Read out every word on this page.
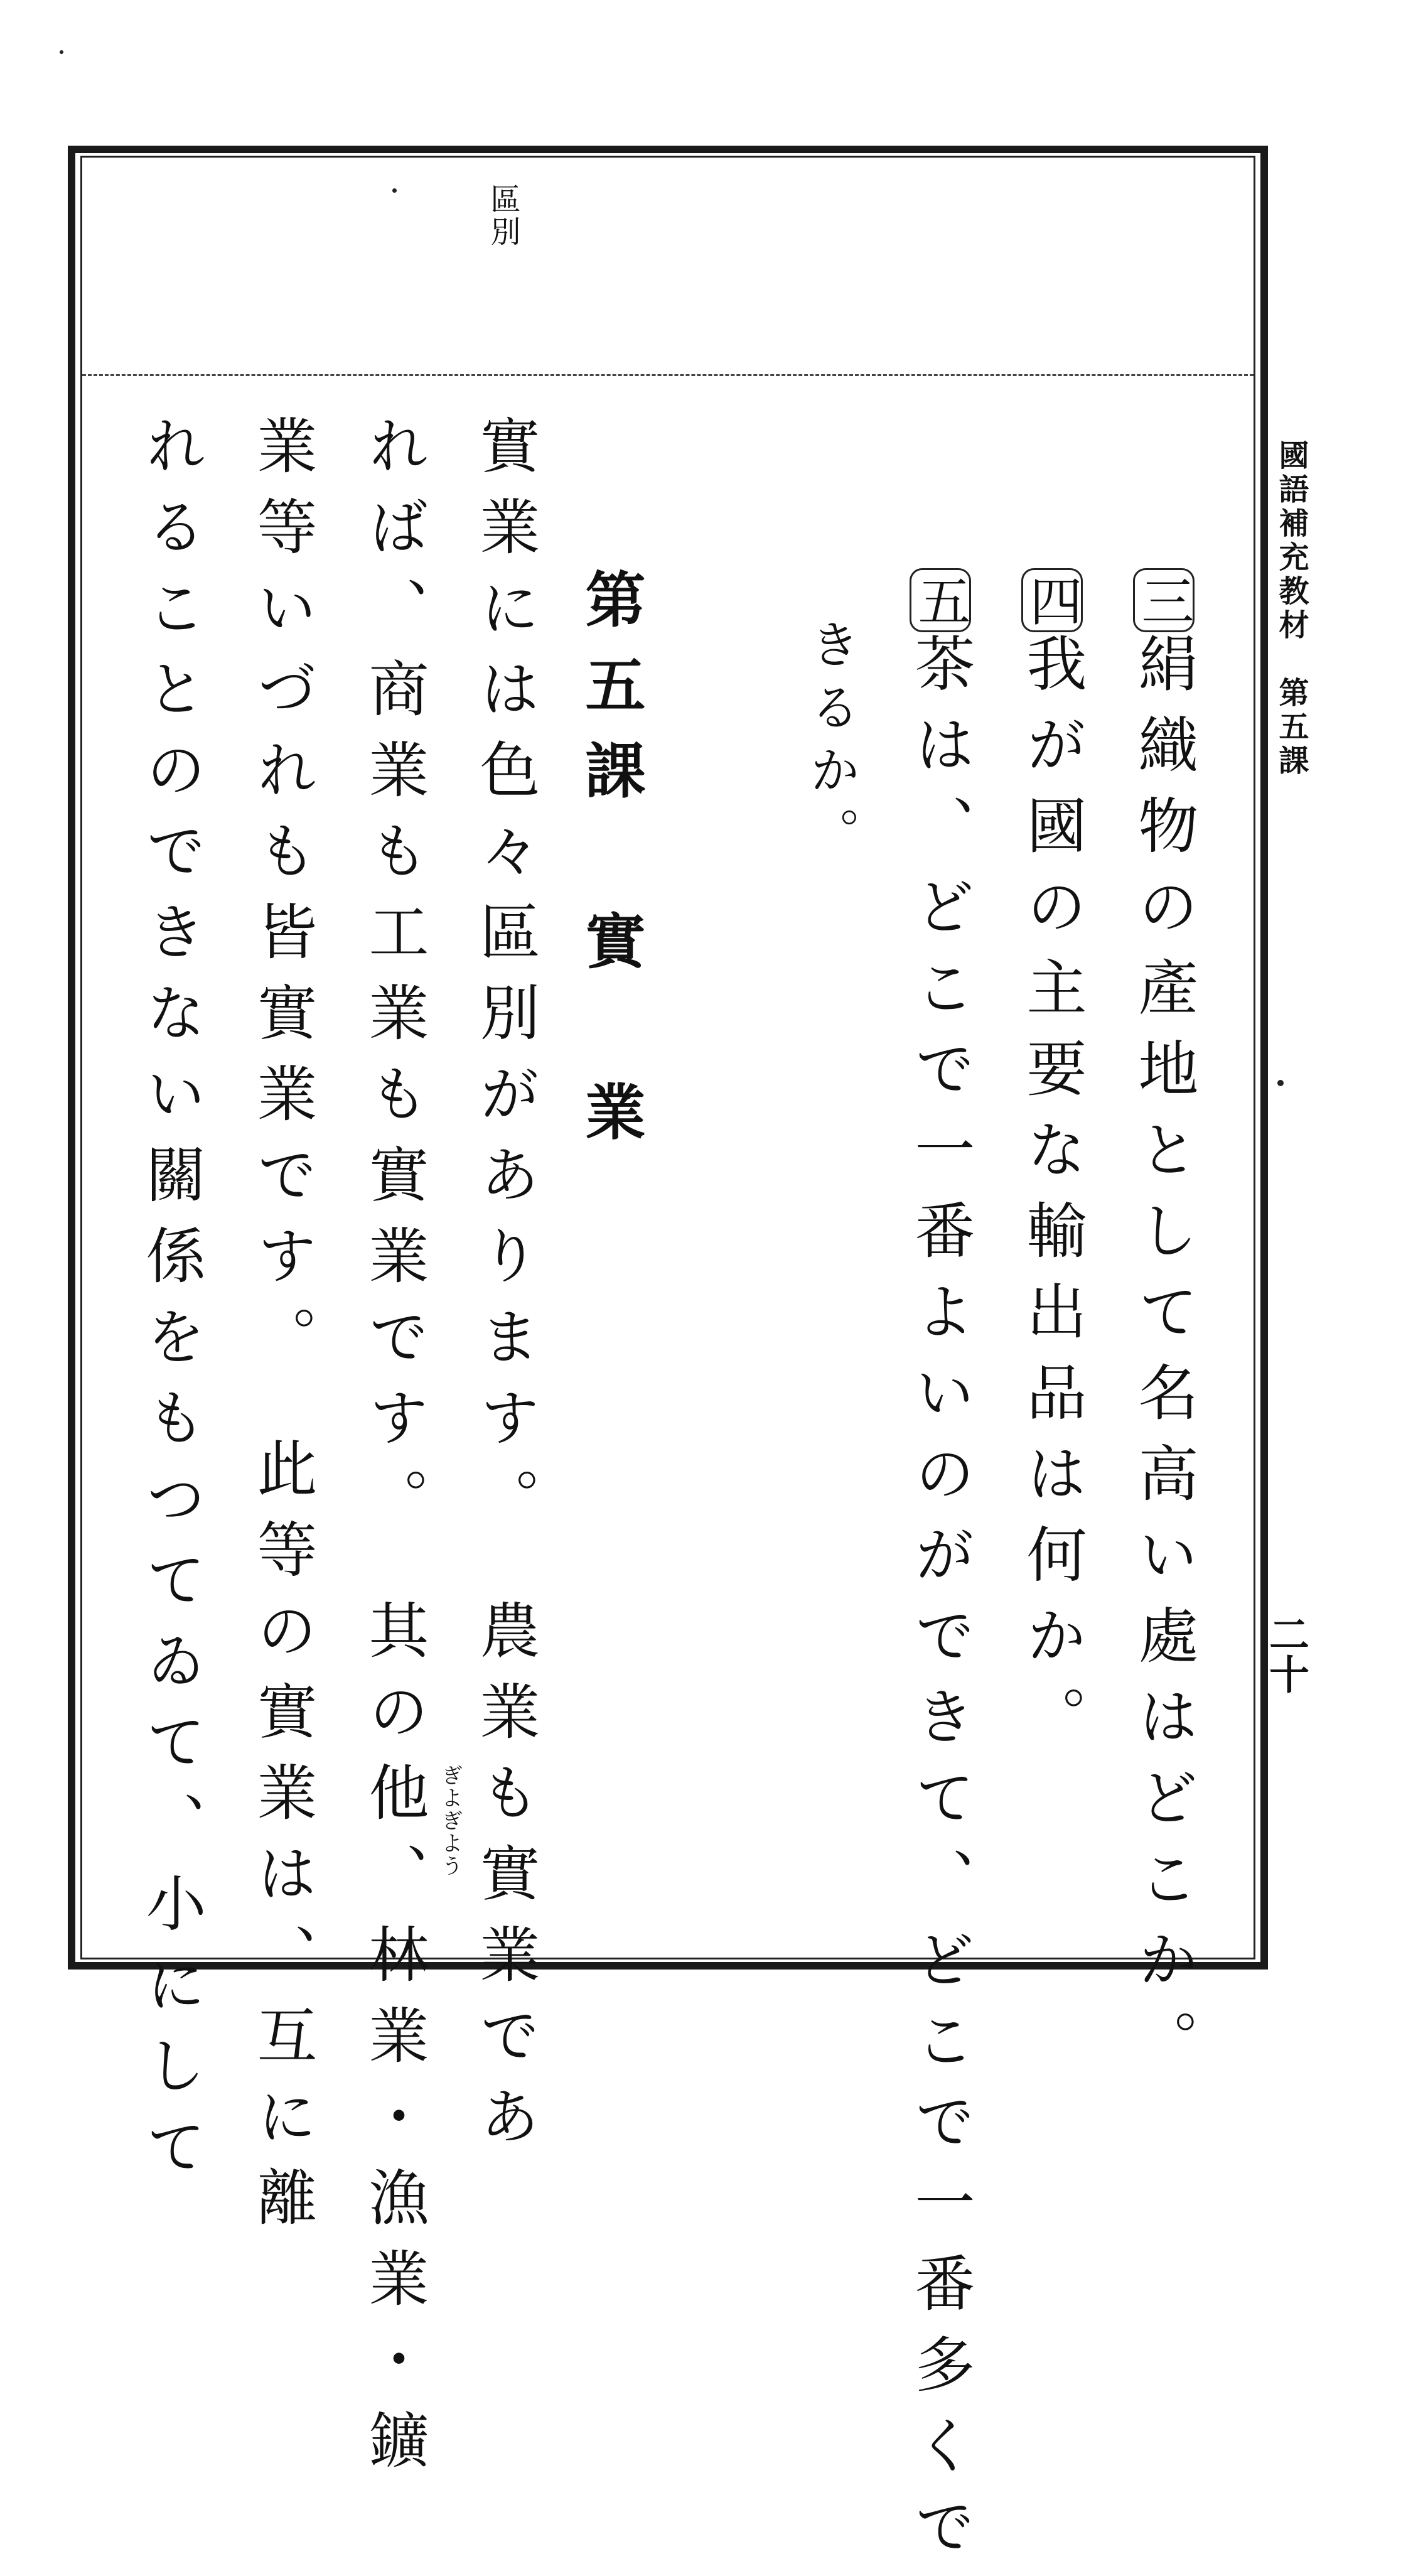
國語補充教材　第五課
二十
區別
三絹織物の產地として名高い處はどこか。
四我が國の主要な輸出品は何か。
五茶は、どこで一番よいのができて、どこで一番多くで
きるか。
第五課　實　業
實業には色々區別があります。　農業も實業であ
れば、商業も工業も實業です。　其の他、林業・漁業・鑛
業等いづれも皆實業です。　此等の實業は、互に離
れることのできない關係をもつてゐて、小にして	ぎよぎよう
